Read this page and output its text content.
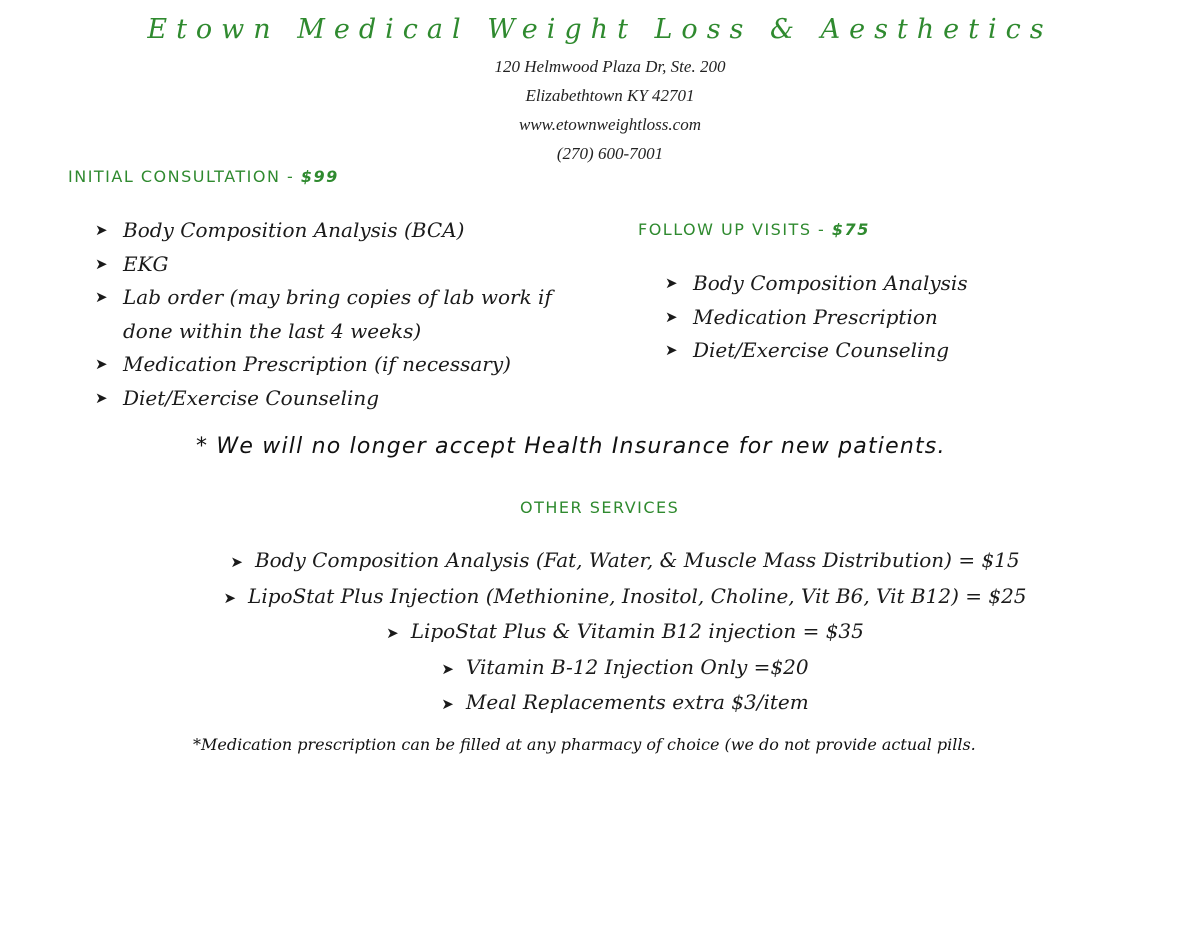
Etown Medical Weight Loss & Aesthetics
120 Helmwood Plaza Dr, Ste. 200
Elizabethtown KY 42701
www.etownweightloss.com
(270) 600-7001
INITIAL CONSULTATION - $99
➤ Body Composition Analysis (BCA)
➤ EKG
➤ Lab order (may bring copies of lab work if done within the last 4 weeks)
➤ Medication Prescription (if necessary)
➤ Diet/Exercise Counseling
FOLLOW UP VISITS - $75
➤ Body Composition Analysis
➤ Medication Prescription
➤ Diet/Exercise Counseling
* We will no longer accept Health Insurance for new patients.
OTHER SERVICES
➤ Body Composition Analysis (Fat, Water, & Muscle Mass Distribution) = $15
➤ LipoStat Plus Injection (Methionine, Inositol, Choline, Vit B6, Vit B12) = $25
➤ LipoStat Plus & Vitamin B12 injection = $35
➤ Vitamin B-12 Injection Only =$20
➤ Meal Replacements extra $3/item
*Medication prescription can be filled at any pharmacy of choice (we do not provide actual pills.
